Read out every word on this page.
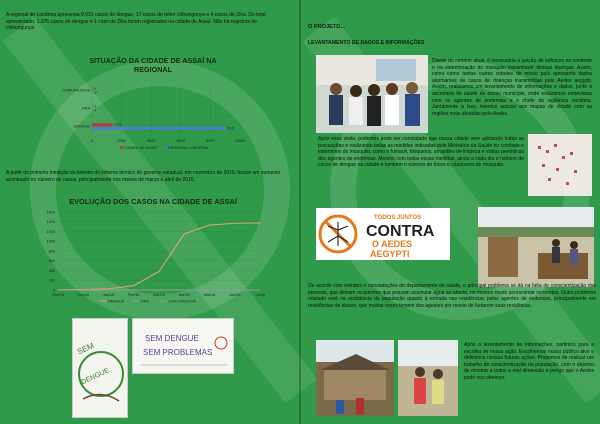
A regional de Londrina apresenta 9.031 casos de dengue, 17 casos de febre chikungunya e 4 casos de Zika. Do total apresentado, 1.376 casos de dengue e 1 caso de Zika foram registrados na cidade de Assaí. Não há registros de chikungunya
SITUAÇÃO DA CIDADE DE ASSAÍ NA
REGIONAL
0	2000	4000	6000	8000	10000
CHIKUNGUNYA 0
17
ZIKA 1
4
DENGUE	1376
9031
CIDADE DE ASSAÍ	REGIONAL LONDRINA
A partir do primeiro medição do boletim do informe técnico do governo estadual, em novembro de 2015, houve um aumento acentuado no número de casos, principalmente nos meses de março e abril de 2016.
EVOLUÇÃO DOS CASOS NA CIDADE DE ASSAÍ
0
200
400
600
800
1000
1200
1400
1600
Nov/15	Dez/15	Jan/16	Fev/16	Mar/16	Abr/16	Mai/16	Jun/16	Jul/16
DENGUE	ZIKA	CHIKUNGUNYA
SEM
DENGUE
SEM DENGUE
SEM PROBLEMAS
O PROJETO...
LEVANTAMENTO DE DADOS E INFORMAÇÕES
Diante do cenário atual, é necessária a junção de esforços no combate e na exterminação do mosquito transmissor dessas doenças. Assim, como como tantas outras cidades do nosso país apresenta dados alarmantes de casos de doenças transmitidas pelo Aedes aegypti. Assim, realizamos um levantamento de informações e dados, junto à secretaria de saúde de nosso município, onde realizamos entrevistas com os agentes de endemias e o chefe da vigilância sanitária. Juntamente a isso, tivemos acesso aos mapas de cidade com as regiões mais afetadas pelo Aedes.
Após essa visita, pudemos pode ser constatado que nossa cidade vem adotando todas as precauções e realizando todas as medidas indicadas pelo Ministério da Saúde no combate e extermínio do mosquito, como o fumacê, bloqueios, arrastões de limpeza e visitas periódicas dos agentes de endemias. Mesmo com todas essas medidas, ainda a cada dia o número de casos de dengue na cidade e também o número de focos e criadouros do mosquito.
TODOS JUNTOS
CONTRA
O AEDES
AEGYPTI
De acordo com estudos e constatações do departamento de saúde, o principal problema se dá na falta de conscientização das pessoas, que deixam recipientes que possam acumular água ao aberto, no mesmo modo acrescentar incorretos. Outro problema relatado está na resistência da população quanto à entrada nas residências pelos agentes de endemias, principalmente em residências de idosos, que muitas vezes temem dos agentes por receio de furtarem suas residência.
Após o levantamento de informações, partimos para a escolha de nossa ação. Escolhemos nosso público alvo e definimos nossas futuras ações. Propomos de realizar um trabalho de conscientização da população, com o objetivo de mostrar a todos a real dimensão e perigo que o Aedes pode nos oferecer.
